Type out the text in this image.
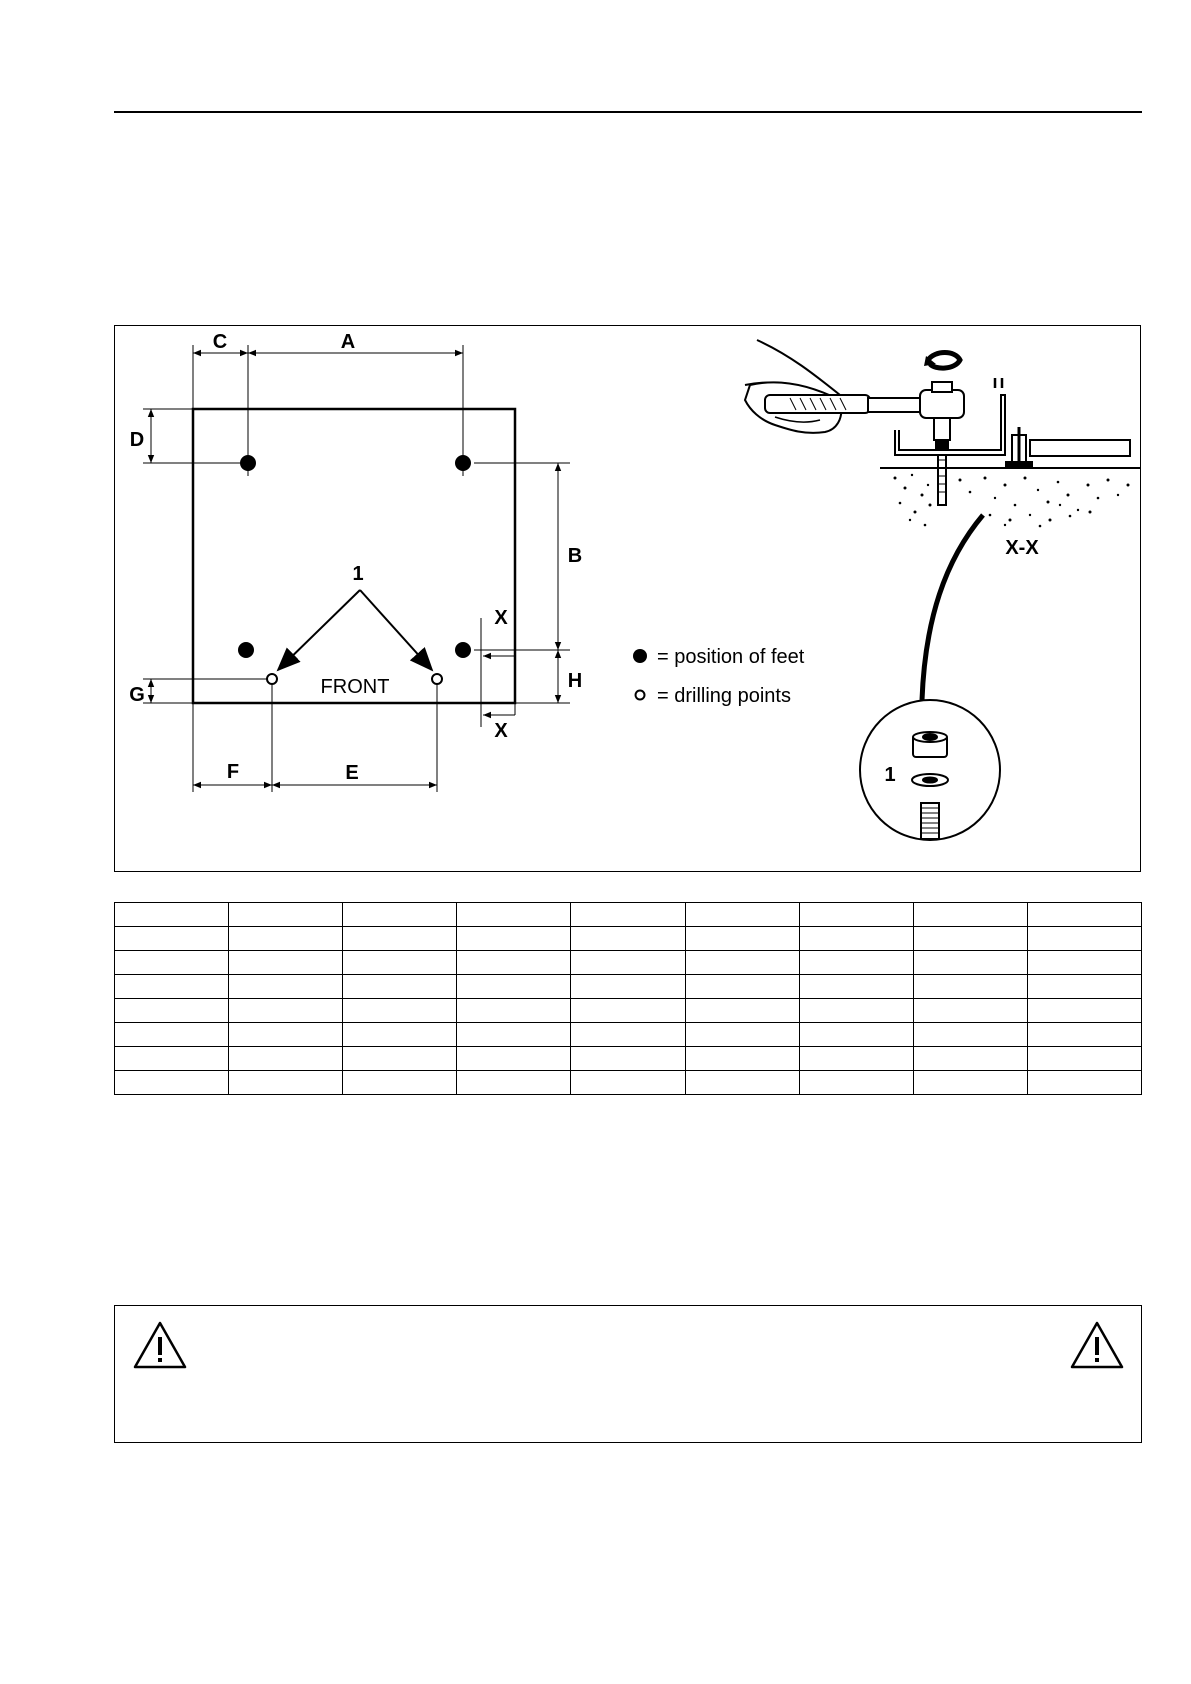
C	A
D
B
H
X
X
G
F	E
1
FRONT
= position of feet
= drilling points
X-X
1
